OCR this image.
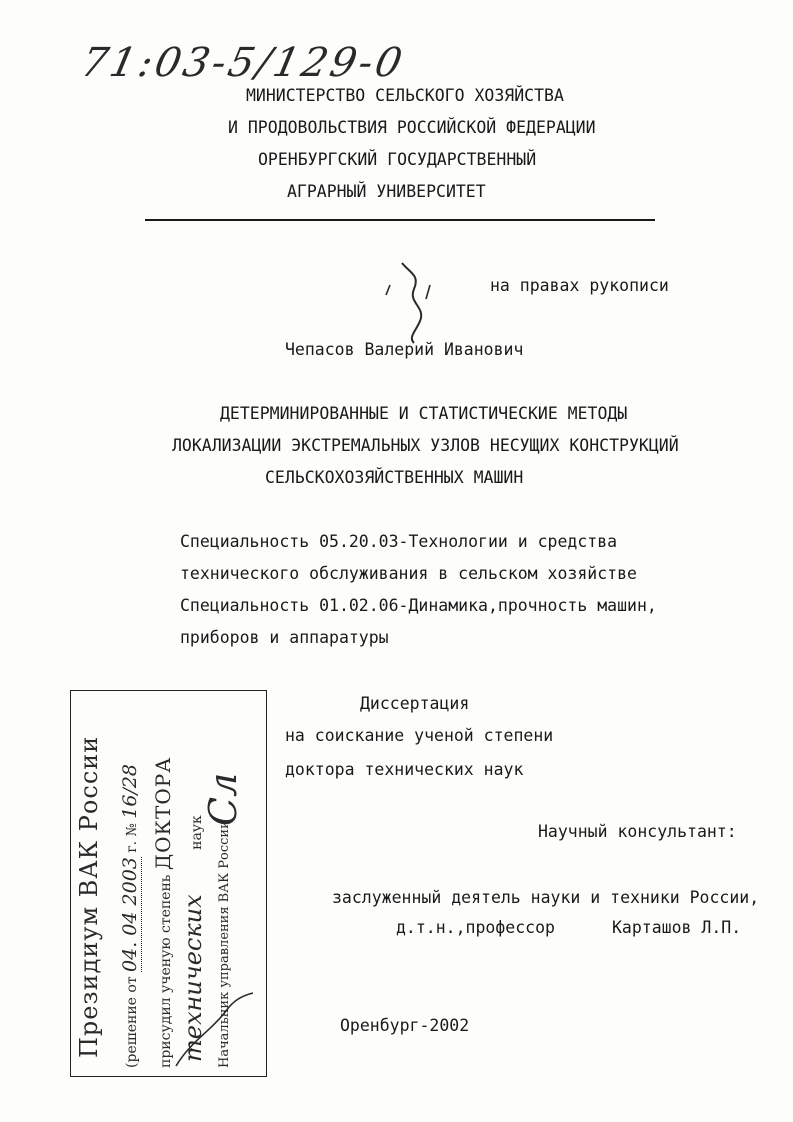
71:03-5/129-0
МИНИСТЕРСТВО СЕЛЬСКОГО ХОЗЯЙСТВА
И ПРОДОВОЛЬСТВИЯ РОССИЙСКОЙ ФЕДЕРАЦИИ
ОРЕНБУРГСКИЙ ГОСУДАРСТВЕННЫЙ
АГРАРНЫЙ УНИВЕРСИТЕТ
на правах рукописи
Чепасов Валерий Иванович
ДЕТЕРМИНИРОВАННЫЕ И СТАТИСТИЧЕСКИЕ МЕТОДЫ
ЛОКАЛИЗАЦИИ ЭКСТРЕМАЛЬНЫХ УЗЛОВ НЕСУЩИХ КОНСТРУКЦИЙ
СЕЛЬСКОХОЗЯЙСТВЕННЫХ МАШИН
Специальность 05.20.03-Технологии и средства
технического обслуживания в сельском хозяйстве
Специальность 01.02.06-Динамика,прочность машин,
приборов и аппаратуры
Диссертация
на соискание ученой степени
доктора технических наук
Научный консультант:
заслуженный деятель науки и техники России,
д.т.н.,профессор	Карташов Л.П.
Оренбург-2002
Президиум ВАК России	(решение от 04. 04 2003 г. № 16/28
присудил ученую степень ДОКТОРА
технических наук Начальник управления ВАК России
Сл
